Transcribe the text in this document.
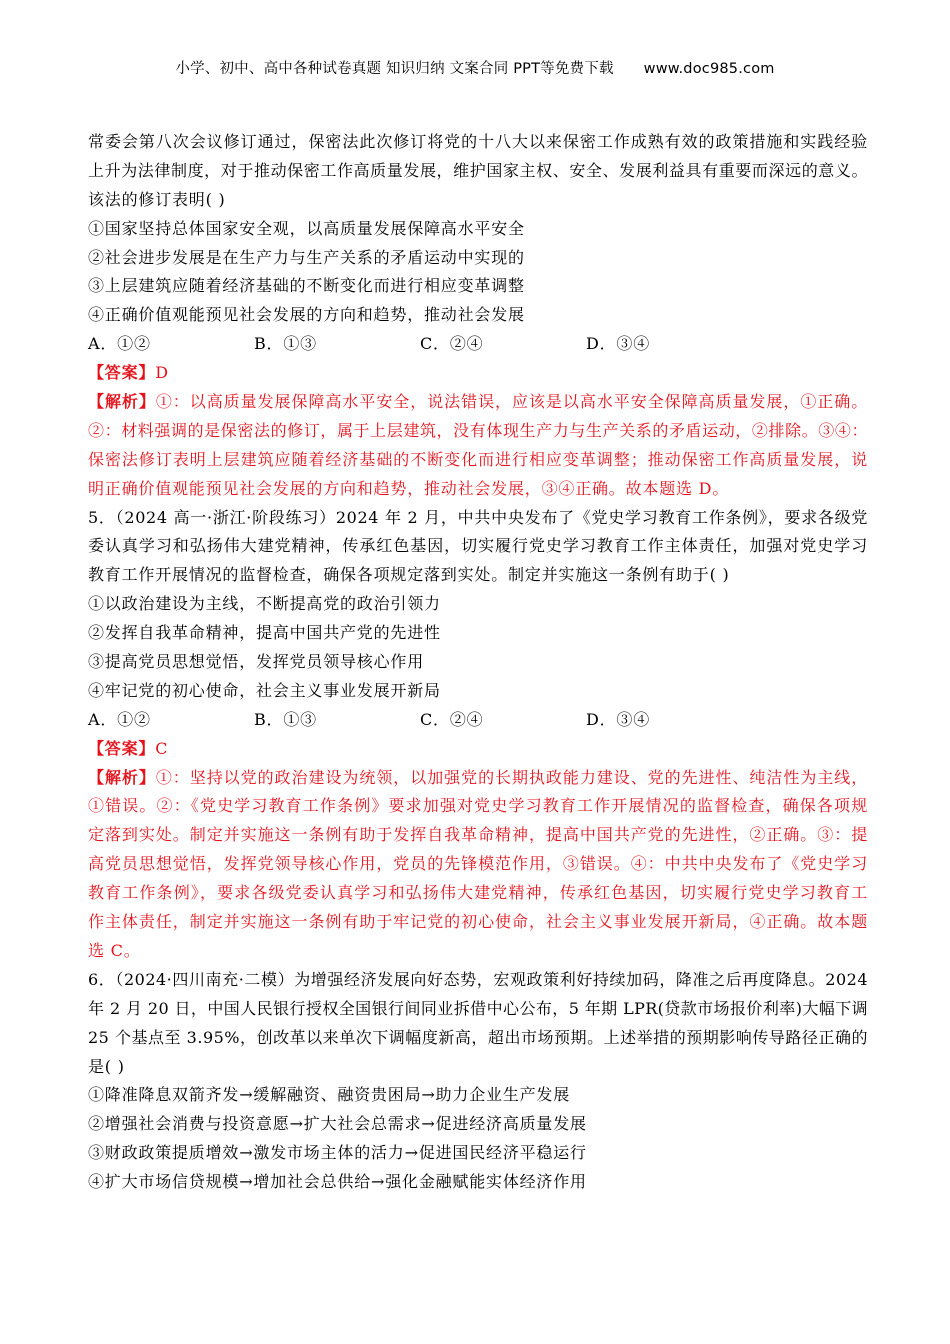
小学、初中、高中各种试卷真题 知识归纳 文案合同 PPT等免费下载 www.doc985.com
常委会第八次会议修订通过，保密法此次修订将党的十八大以来保密工作成熟有效的政策措施和实践经验
上升为法律制度，对于推动保密工作高质量发展，维护国家主权、安全、发展利益具有重要而深远的意义。
该法的修订表明( )
①国家坚持总体国家安全观，以高质量发展保障高水平安全
②社会进步发展是在生产力与生产关系的矛盾运动中实现的
③上层建筑应随着经济基础的不断变化而进行相应变革调整
④正确价值观能预见社会发展的方向和趋势，推动社会发展
A．①②	B．①③	C．②④	D．③④
【答案】D
【解析】①：以高质量发展保障高水平安全，说法错误，应该是以高水平安全保障高质量发展，①正确。
②：材料强调的是保密法的修订，属于上层建筑，没有体现生产力与生产关系的矛盾运动，②排除。③④：
保密法修订表明上层建筑应随着经济基础的不断变化而进行相应变革调整；推动保密工作高质量发展，说
明正确价值观能预见社会发展的方向和趋势，推动社会发展，③④正确。故本题选 D。
5．（2024 高一·浙江·阶段练习）2024 年 2 月，中共中央发布了《党史学习教育工作条例》，要求各级党
委认真学习和弘扬伟大建党精神，传承红色基因，切实履行党史学习教育工作主体责任，加强对党史学习
教育工作开展情况的监督检查，确保各项规定落到实处。制定并实施这一条例有助于( )
①以政治建设为主线，不断提高党的政治引领力
②发挥自我革命精神，提高中国共产党的先进性
③提高党员思想觉悟，发挥党员领导核心作用
④牢记党的初心使命，社会主义事业发展开新局
A．①②	B．①③	C．②④	D．③④
【答案】C
【解析】①：坚持以党的政治建设为统领，以加强党的长期执政能力建设、党的先进性、纯洁性为主线，
①错误。②：《党史学习教育工作条例》要求加强对党史学习教育工作开展情况的监督检查，确保各项规
定落到实处。制定并实施这一条例有助于发挥自我革命精神，提高中国共产党的先进性，②正确。③：提
高党员思想觉悟，发挥党领导核心作用，党员的先锋模范作用，③错误。④：中共中央发布了《党史学习
教育工作条例》，要求各级党委认真学习和弘扬伟大建党精神，传承红色基因，切实履行党史学习教育工
作主体责任，制定并实施这一条例有助于牢记党的初心使命，社会主义事业发展开新局，④正确。故本题
选 C。
6．（2024·四川南充·二模）为增强经济发展向好态势，宏观政策利好持续加码，降准之后再度降息。2024
年 2 月 20 日，中国人民银行授权全国银行间同业拆借中心公布，5 年期 LPR(贷款市场报价利率)大幅下调
25 个基点至 3.95%，创改革以来单次下调幅度新高，超出市场预期。上述举措的预期影响传导路径正确的
是( )
①降准降息双箭齐发→缓解融资、融资贵困局→助力企业生产发展
②增强社会消费与投资意愿→扩大社会总需求→促进经济高质量发展
③财政政策提质增效→激发市场主体的活力→促进国民经济平稳运行
④扩大市场信贷规模→增加社会总供给→强化金融赋能实体经济作用
